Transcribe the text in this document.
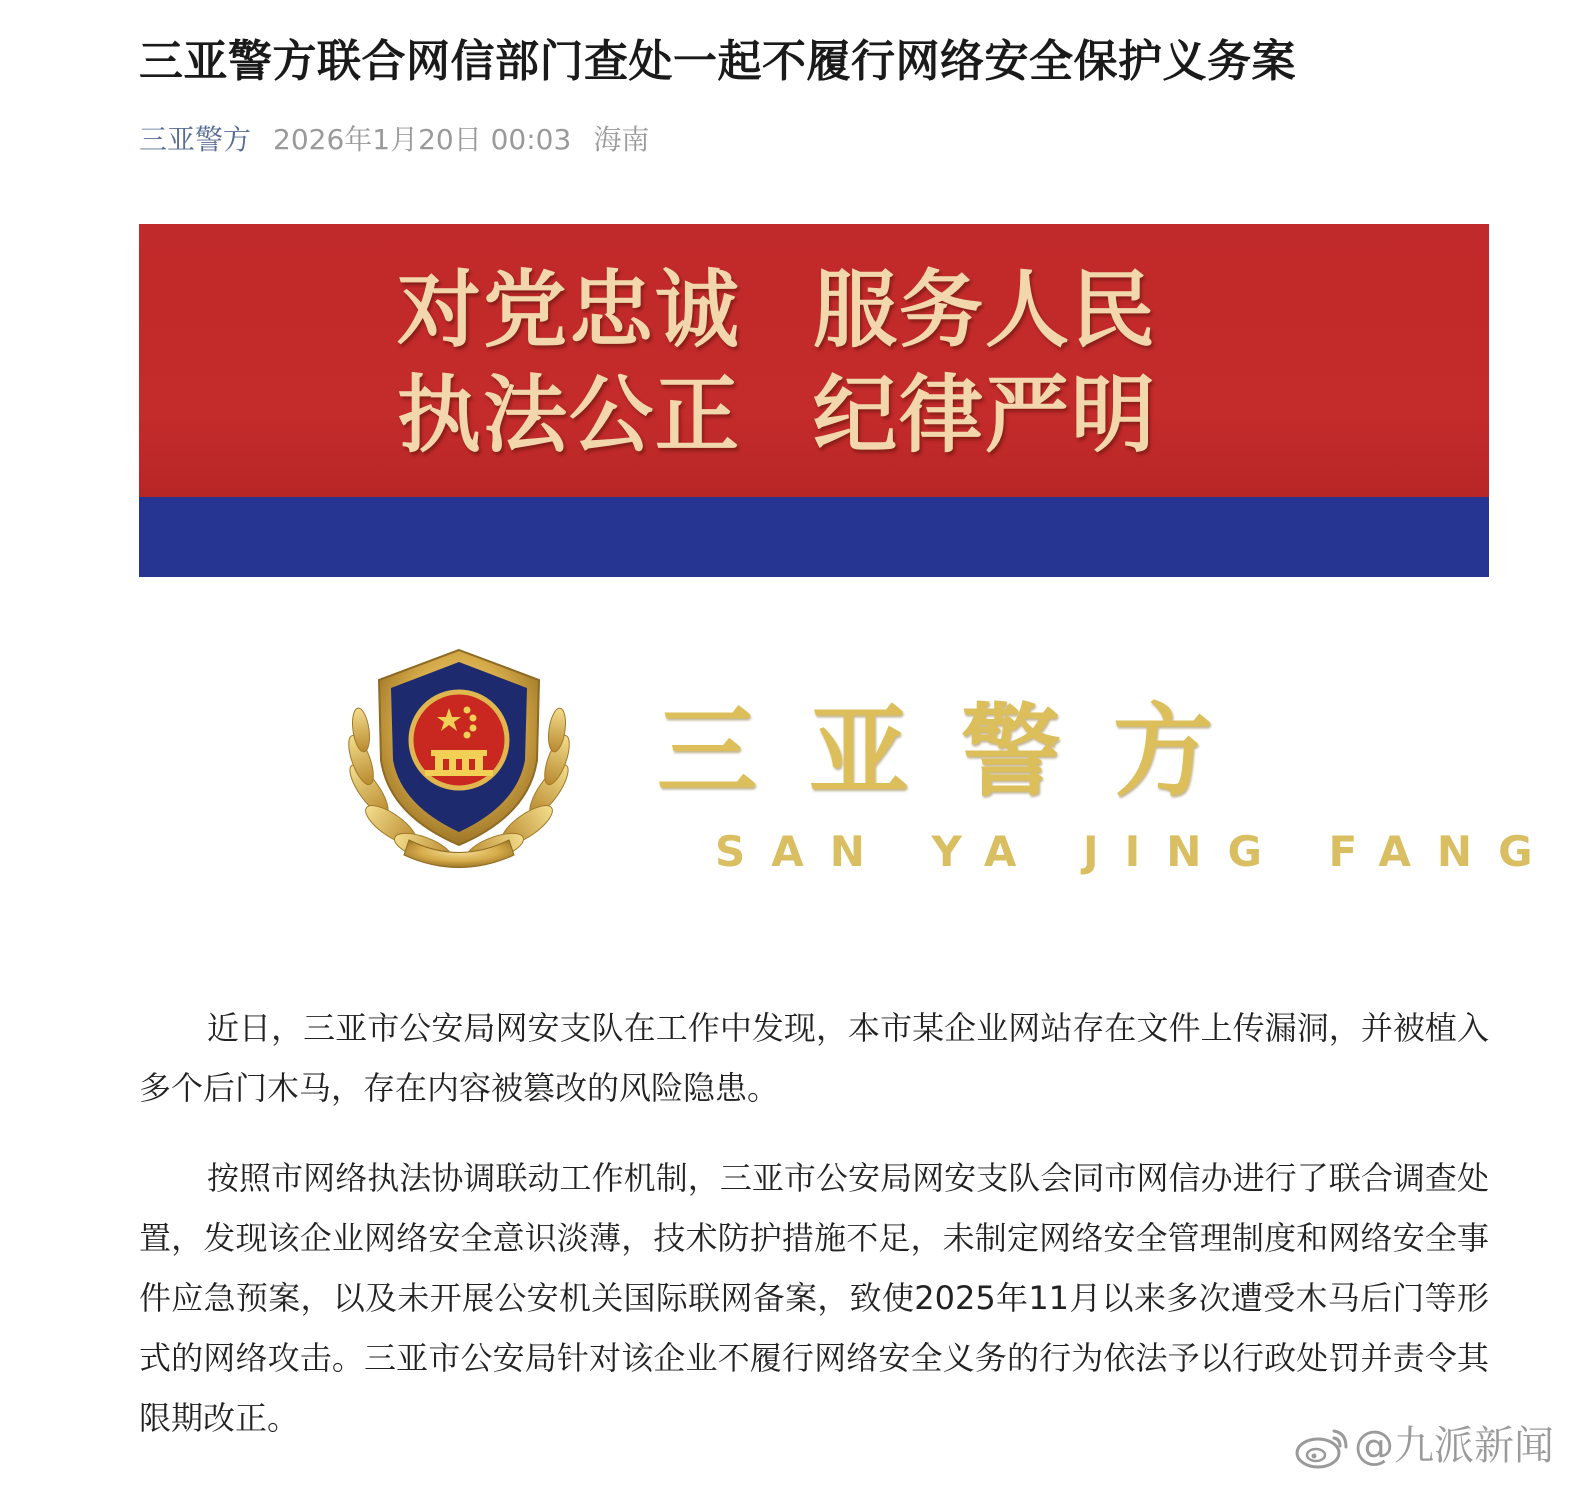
三亚警方联合网信部门查处一起不履行网络安全保护义务案
三亚警方 2026年1月20日 00:03 海南
对党忠诚 服务人民
执法公正 纪律严明
三 亚 警 方
SAN YA JING FANG

近日，三亚市公安局网安支队在工作中发现，本市某企业网站存在文件上传漏洞，并被植入多个后门木马，存在内容被篡改的风险隐患。

按照市网络执法协调联动工作机制，三亚市公安局网安支队会同市网信办进行了联合调查处置，发现该企业网络安全意识淡薄，技术防护措施不足，未制定网络安全管理制度和网络安全事件应急预案，以及未开展公安机关国际联网备案，致使2025年11月以来多次遭受木马后门等形式的网络攻击。三亚市公安局针对该企业不履行网络安全义务的行为依法予以行政处罚并责令其限期改正。

@九派新闻
